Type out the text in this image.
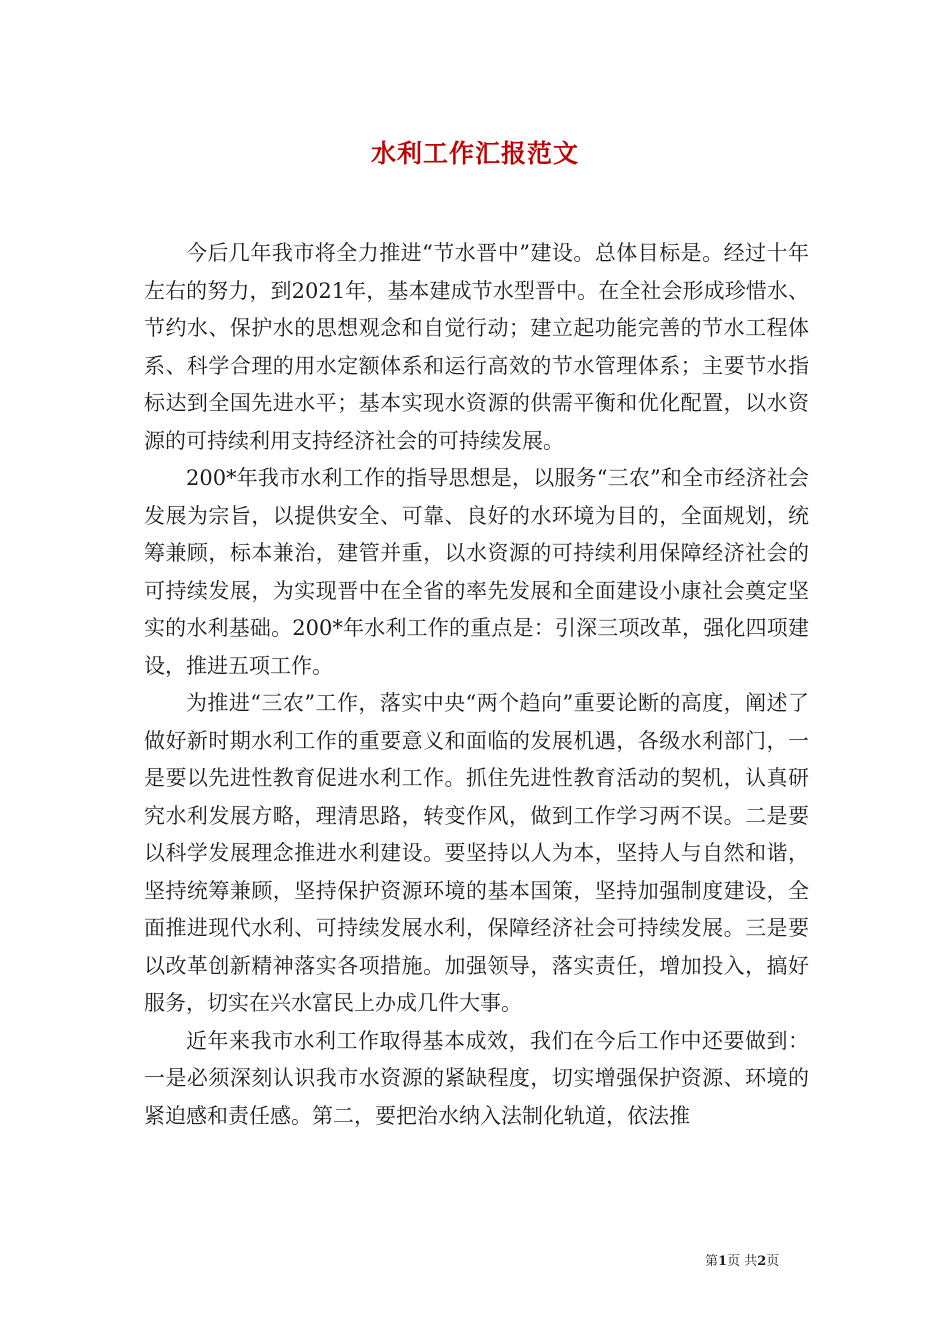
水利工作汇报范文

今后几年我市将全力推进“节水晋中”建设。总体目标是。经过十年左右的努力，到2021年，基本建成节水型晋中。在全社会形成珍惜水、节约水、保护水的思想观念和自觉行动；建立起功能完善的节水工程体系、科学合理的用水定额体系和运行高效的节水管理体系；主要节水指标达到全国先进水平；基本实现水资源的供需平衡和优化配置，以水资源的可持续利用支持经济社会的可持续发展。

200*年我市水利工作的指导思想是，以服务“三农”和全市经济社会发展为宗旨，以提供安全、可靠、良好的水环境为目的，全面规划，统筹兼顾，标本兼治，建管并重，以水资源的可持续利用保障经济社会的可持续发展，为实现晋中在全省的率先发展和全面建设小康社会奠定坚实的水利基础。200*年水利工作的重点是：引深三项改革，强化四项建设，推进五项工作。

为推进“三农”工作，落实中央“两个趋向”重要论断的高度，阐述了做好新时期水利工作的重要意义和面临的发展机遇，各级水利部门，一是要以先进性教育促进水利工作。抓住先进性教育活动的契机，认真研究水利发展方略，理清思路，转变作风，做到工作学习两不误。二是要以科学发展理念推进水利建设。要坚持以人为本，坚持人与自然和谐，坚持统筹兼顾，坚持保护资源环境的基本国策，坚持加强制度建设，全面推进现代水利、可持续发展水利，保障经济社会可持续发展。三是要以改革创新精神落实各项措施。加强领导，落实责任，增加投入，搞好服务，切实在兴水富民上办成几件大事。

近年来我市水利工作取得基本成效，我们在今后工作中还要做到：一是必须深刻认识我市水资源的紧缺程度，切实增强保护资源、环境的紧迫感和责任感。第二，要把治水纳入法制化轨道，依法推

第1页 共2页
